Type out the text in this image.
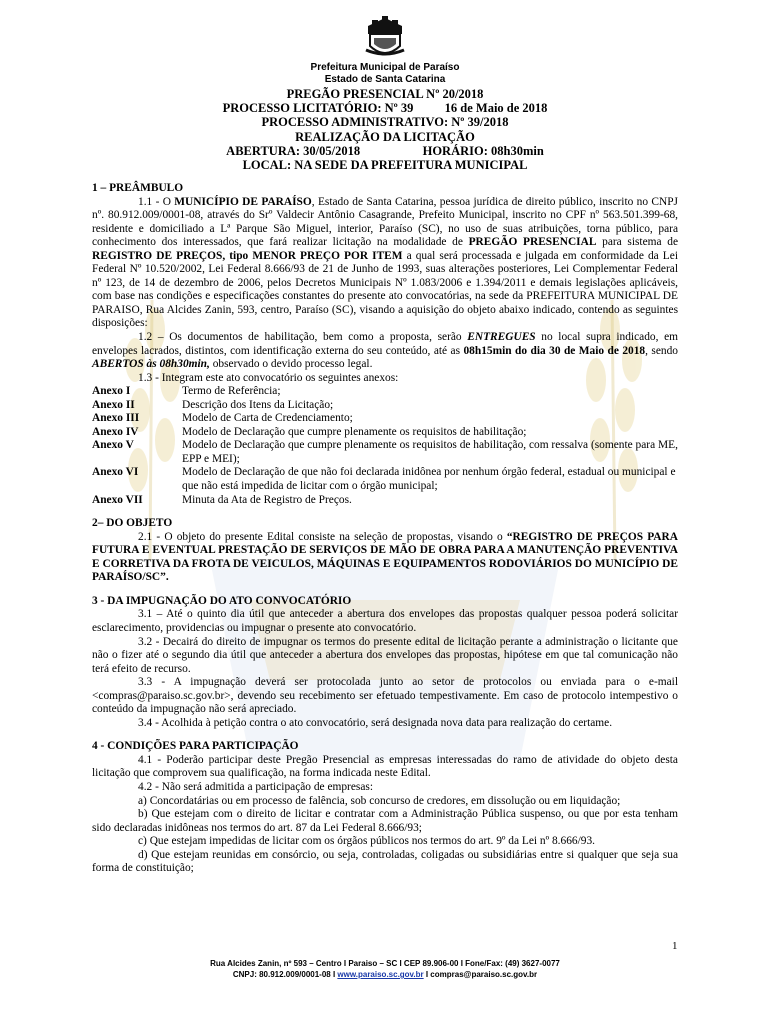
Prefeitura Municipal de Paraíso
Estado de Santa Catarina
PREGÃO PRESENCIAL Nº 20/2018
PROCESSO LICITATÓRIO: Nº 39          16 de Maio de 2018
PROCESSO ADMINISTRATIVO: Nº 39/2018
REALIZAÇÃO DA LICITAÇÃO
ABERTURA: 30/05/2018                    HORÁRIO: 08h30min
LOCAL: NA SEDE DA PREFEITURA MUNICIPAL
1 – PREÂMBULO

1.1 - O MUNICÍPIO DE PARAÍSO, Estado de Santa Catarina, pessoa jurídica de direito público, inscrito no CNPJ nº. 80.912.009/0001-08, através do Srº Valdecir Antônio Casagrande, Prefeito Municipal, inscrito no CPF nº 563.501.399-68, residente e domiciliado a Lª Parque São Miguel, interior, Paraíso (SC), no uso de suas atribuições, torna público, para conhecimento dos interessados, que fará realizar licitação na modalidade de PREGÃO PRESENCIAL para sistema de REGISTRO DE PREÇOS, tipo MENOR PREÇO POR ITEM a qual será processada e julgada em conformidade da Lei Federal Nº 10.520/2002, Lei Federal 8.666/93 de 21 de Junho de 1993, suas alterações posteriores, Lei Complementar Federal nº 123, de 14 de dezembro de 2006, pelos Decretos Municipais Nº 1.083/2006 e 1.394/2011 e demais legislações aplicáveis, com base nas condições e especificações constantes do presente ato convocatórias, na sede da PREFEITURA MUNICIPAL DE PARAISO, Rua Alcides Zanin, 593, centro, Paraíso (SC), visando a aquisição do objeto abaixo indicado, contendo as seguintes disposições:

1.2 – Os documentos de habilitação, bem como a proposta, serão ENTREGUES no local supra indicado, em envelopes lacrados, distintos, com identificação externa do seu conteúdo, até as 08h15min do dia 30 de Maio de 2018, sendo ABERTOS às 08h30min, observado o devido processo legal.

1.3 - Integram este ato convocatório os seguintes anexos:

Anexo I	Termo de Referência;
Anexo II	Descrição dos Itens da Licitação;
Anexo III	Modelo de Carta de Credenciamento;
Anexo IV	Modelo de Declaração que cumpre plenamente os requisitos de habilitação;
Anexo V	Modelo de Declaração que cumpre plenamente os requisitos de habilitação, com ressalva (somente para ME, EPP e MEI);
Anexo VI	Modelo de Declaração de que não foi declarada inidônea por nenhum órgão federal, estadual ou municipal e que não está impedida de licitar com o órgão municipal;
Anexo VII	Minuta da Ata de Registro de Preços.
2– DO OBJETO

2.1 - O objeto do presente Edital consiste na seleção de propostas, visando o “REGISTRO DE PREÇOS PARA FUTURA E EVENTUAL PRESTAÇÃO DE SERVIÇOS DE MÃO DE OBRA PARA A MANUTENÇÃO PREVENTIVA E CORRETIVA DA FROTA DE VEICULOS, MÁQUINAS E EQUIPAMENTOS RODOVIÁRIOS DO MUNICÍPIO DE PARAÍSO/SC”.

3 - DA IMPUGNAÇÃO DO ATO CONVOCATÓRIO

3.1 – Até o quinto dia útil que anteceder a abertura dos envelopes das propostas qualquer pessoa poderá solicitar esclarecimento, providencias ou impugnar o presente ato convocatório.

3.2 - Decairá do direito de impugnar os termos do presente edital de licitação perante a administração o licitante que não o fizer até o segundo dia útil que anteceder a abertura dos envelopes das propostas, hipótese em que tal comunicação não terá efeito de recurso.

3.3 - A impugnação deverá ser protocolada junto ao setor de protocolos ou enviada para o e-mail <compras@paraiso.sc.gov.br>, devendo seu recebimento ser efetuado tempestivamente. Em caso de protocolo intempestivo o conteúdo da impugnação não será apreciado.

3.4 - Acolhida à petição contra o ato convocatório, será designada nova data para realização do certame.

4 - CONDIÇÕES PARA PARTICIPAÇÃO

4.1 - Poderão participar deste Pregão Presencial as empresas interessadas do ramo de atividade do objeto desta licitação que comprovem sua qualificação, na forma indicada neste Edital.

4.2 - Não será admitida a participação de empresas:

a) Concordatárias ou em processo de falência, sob concurso de credores, em dissolução ou em liquidação;

b) Que estejam com o direito de licitar e contratar com a Administração Pública suspenso, ou que por esta tenham sido declaradas inidôneas nos termos do art. 87 da Lei Federal 8.666/93;

c) Que estejam impedidas de licitar com os órgãos públicos nos termos do art. 9º da Lei nº 8.666/93.

d) Que estejam reunidas em consórcio, ou seja, controladas, coligadas ou subsidiárias entre si qualquer que seja sua forma de constituição;

1
Rua Alcides Zanin, nº 593 – Centro I Paraiso – SC I CEP 89.906-00 I Fone/Fax: (49) 3627-0077
CNPJ: 80.912.009/0001-08 I www.paraiso.sc.gov.br I compras@paraiso.sc.gov.br
